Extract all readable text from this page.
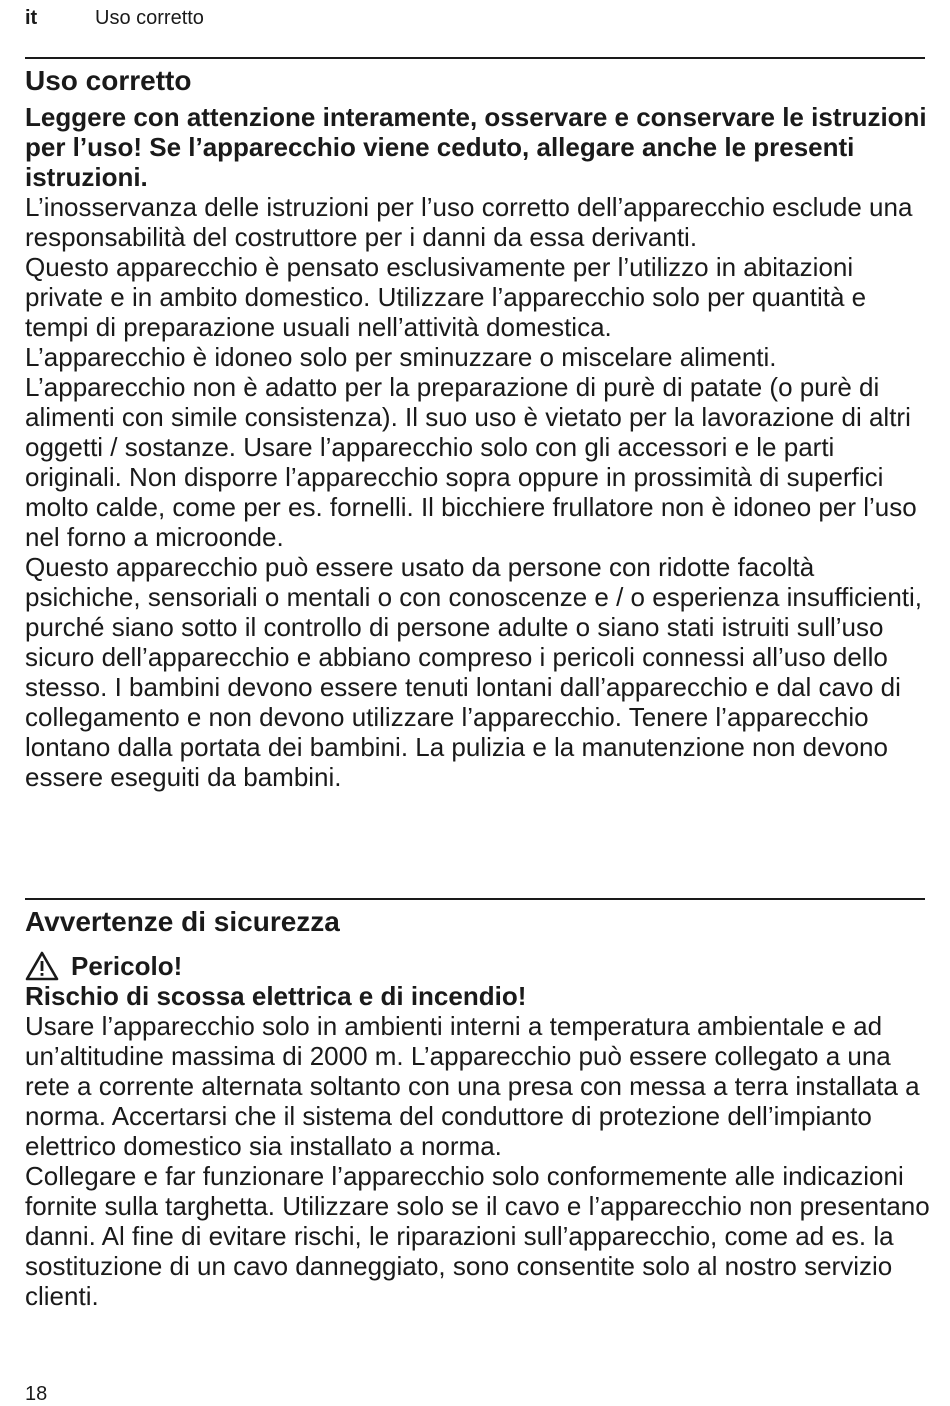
it	Uso corretto
Uso corretto

Leggere con attenzione interamente, osservare e conservare le istruzioni per l’uso! Se l’apparecchio viene ceduto, allegare anche le presenti istruzioni.

L’inosservanza delle istruzioni per l’uso corretto dell’apparecchio esclude una responsabilità del costruttore per i danni da essa derivanti.

Questo apparecchio è pensato esclusivamente per l’utilizzo in abitazioni private e in ambito domestico. Utilizzare l’apparecchio solo per quantità e tempi di preparazione usuali nell’attività domestica.

L’apparecchio è idoneo solo per sminuzzare o miscelare alimenti. L’apparecchio non è adatto per la preparazione di purè di patate (o purè di alimenti con simile consistenza). Il suo uso è vietato per la lavorazione di altri oggetti / sostanze. Usare l’apparecchio solo con gli accessori e le parti originali. Non disporre l’apparecchio sopra oppure in prossimità di superfici molto calde, come per es. fornelli. Il bicchiere frullatore non è idoneo per l’uso nel forno a microonde.

Questo apparecchio può essere usato da persone con ridotte facoltà psichiche, sensoriali o mentali o con conoscenze e / o esperienza insufficienti, purché siano sotto il controllo di persone adulte o siano stati istruiti sull’uso sicuro dell’apparecchio e abbiano compreso i pericoli connessi all’uso dello stesso. I bambini devono essere tenuti lontani dall’apparecchio e dal cavo di collegamento e non devono utilizzare l’apparecchio. Tenere l’apparecchio lontano dalla portata dei bambini. La pulizia e la manutenzione non devono essere eseguiti da bambini.

Avvertenze di sicurezza
Pericolo!

Rischio di scossa elettrica e di incendio!

Usare l’apparecchio solo in ambienti interni a temperatura ambientale e ad un’altitudine massima di 2000 m. L’apparecchio può essere collegato a una rete a corrente alternata soltanto con una presa con messa a terra installata a norma. Accertarsi che il sistema del conduttore di protezione dell’impianto elettrico domestico sia installato a norma.

Collegare e far funzionare l’apparecchio solo conformemente alle indicazioni fornite sulla targhetta. Utilizzare solo se il cavo e l’apparecchio non presentano danni. Al fine di evitare rischi, le riparazioni sull’apparecchio, come ad es. la sostituzione di un cavo danneggiato, sono consentite solo al nostro servizio clienti.

18
